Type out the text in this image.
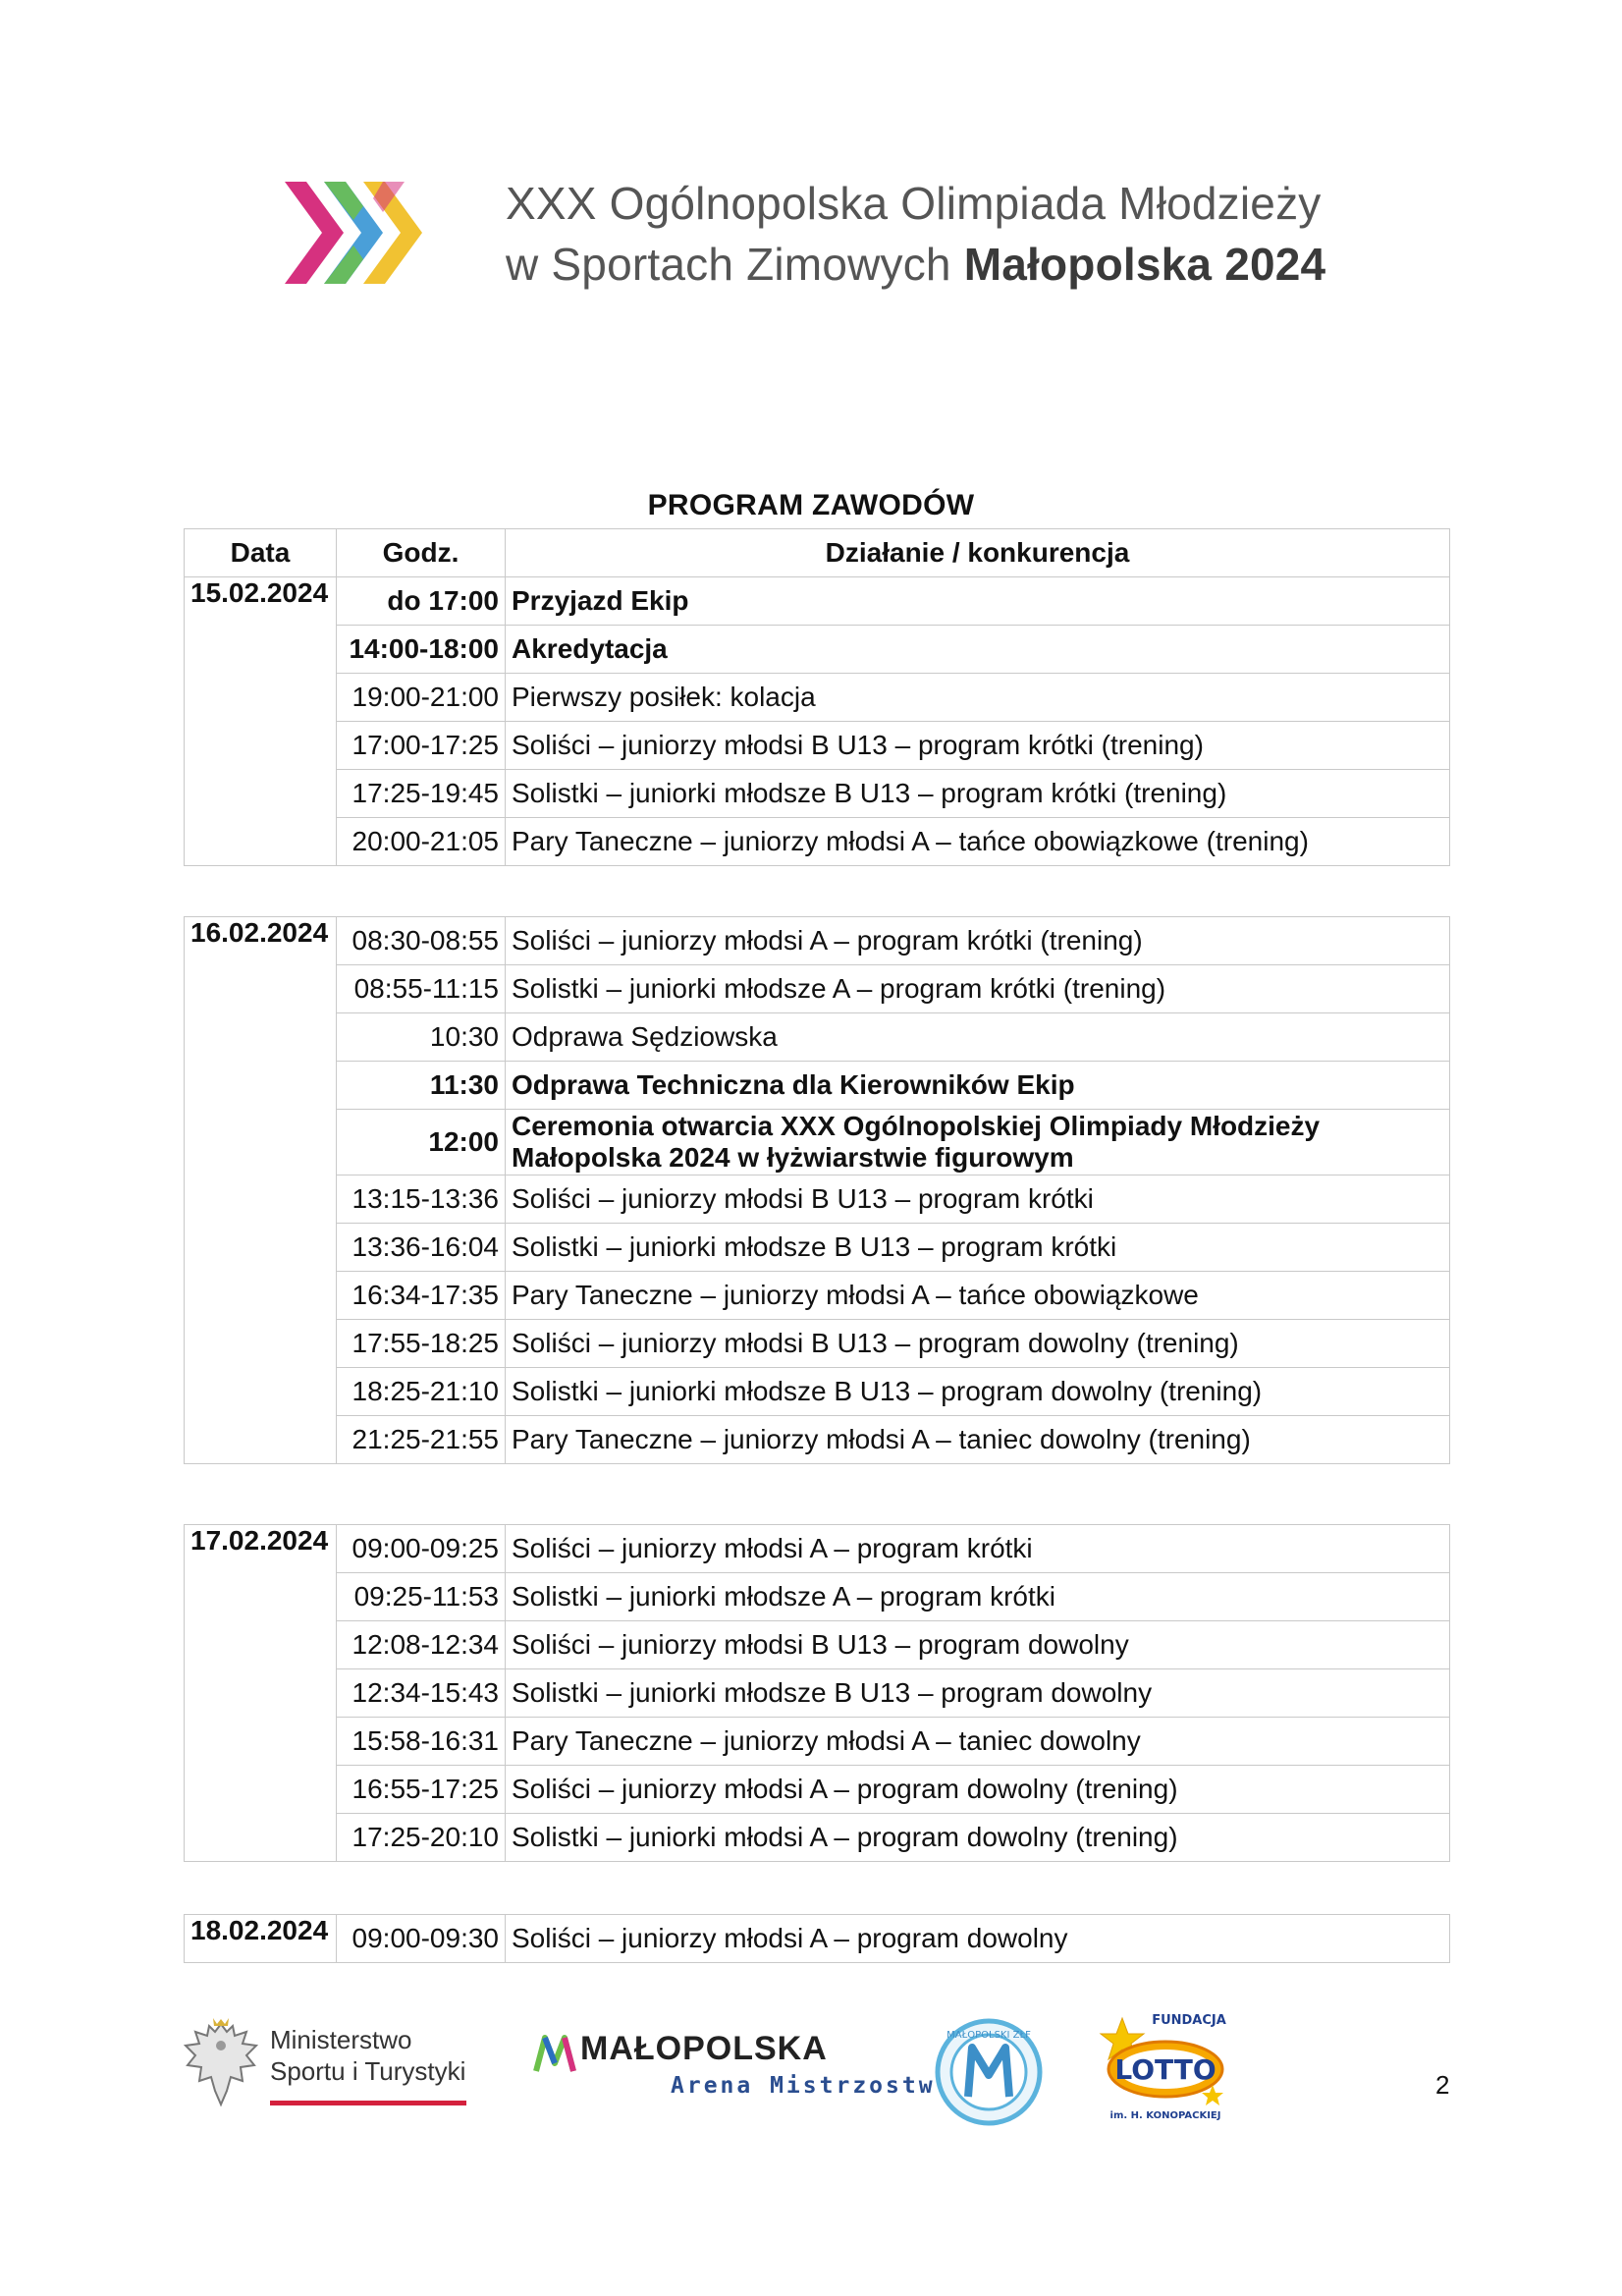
XXX Ogólnopolska Olimpiada Młodzieży
w Sportach Zimowych Małopolska 2024
PROGRAM ZAWODÓW
Data	Godz.	Działanie / konkurencja
15.02.2024	do 17:00	Przyjazd Ekip
	14:00-18:00	Akredytacja
	19:00-21:00	Pierwszy posiłek: kolacja
	17:00-17:25	Soliści – juniorzy młodsi B U13 – program krótki (trening)
	17:25-19:45	Solistki – juniorki młodsze B U13 – program krótki (trening)
	20:00-21:05	Pary Taneczne – juniorzy młodsi A – tańce obowiązkowe (trening)
16.02.2024	08:30-08:55	Soliści – juniorzy młodsi A – program krótki (trening)
	08:55-11:15	Solistki – juniorki młodsze A – program krótki (trening)
	10:30	Odprawa Sędziowska
	11:30	Odprawa Techniczna dla Kierowników Ekip
	12:00	Ceremonia otwarcia XXX Ogólnopolskiej Olimpiady Młodzieży Małopolska 2024 w łyżwiarstwie figurowym
	13:15-13:36	Soliści – juniorzy młodsi B U13 – program krótki
	13:36-16:04	Solistki – juniorki młodsze B U13 – program krótki
	16:34-17:35	Pary Taneczne – juniorzy młodsi A – tańce obowiązkowe
	17:55-18:25	Soliści – juniorzy młodsi B U13 – program dowolny (trening)
	18:25-21:10	Solistki – juniorki młodsze B U13 – program dowolny (trening)
	21:25-21:55	Pary Taneczne – juniorzy młodsi A – taniec dowolny (trening)
17.02.2024	09:00-09:25	Soliści – juniorzy młodsi A – program krótki
	09:25-11:53	Solistki – juniorki młodsze A – program krótki
	12:08-12:34	Soliści – juniorzy młodsi B U13 – program dowolny
	12:34-15:43	Solistki – juniorki młodsze B U13 – program dowolny
	15:58-16:31	Pary Taneczne – juniorzy młodsi A – taniec dowolny
	16:55-17:25	Soliści – juniorzy młodsi A – program dowolny (trening)
	17:25-20:10	Solistki – juniorki młodsi A – program dowolny (trening)
18.02.2024	09:00-09:30	Soliści – juniorzy młodsi A – program dowolny
Ministerstwo
Sportu i Turystyki
MAŁOPOLSKA
Arena Mistrzostw
MAŁOPOLSKI ZŁF
FUNDACJA
LOTTO
im. H. KONOPACKIEJ
2
